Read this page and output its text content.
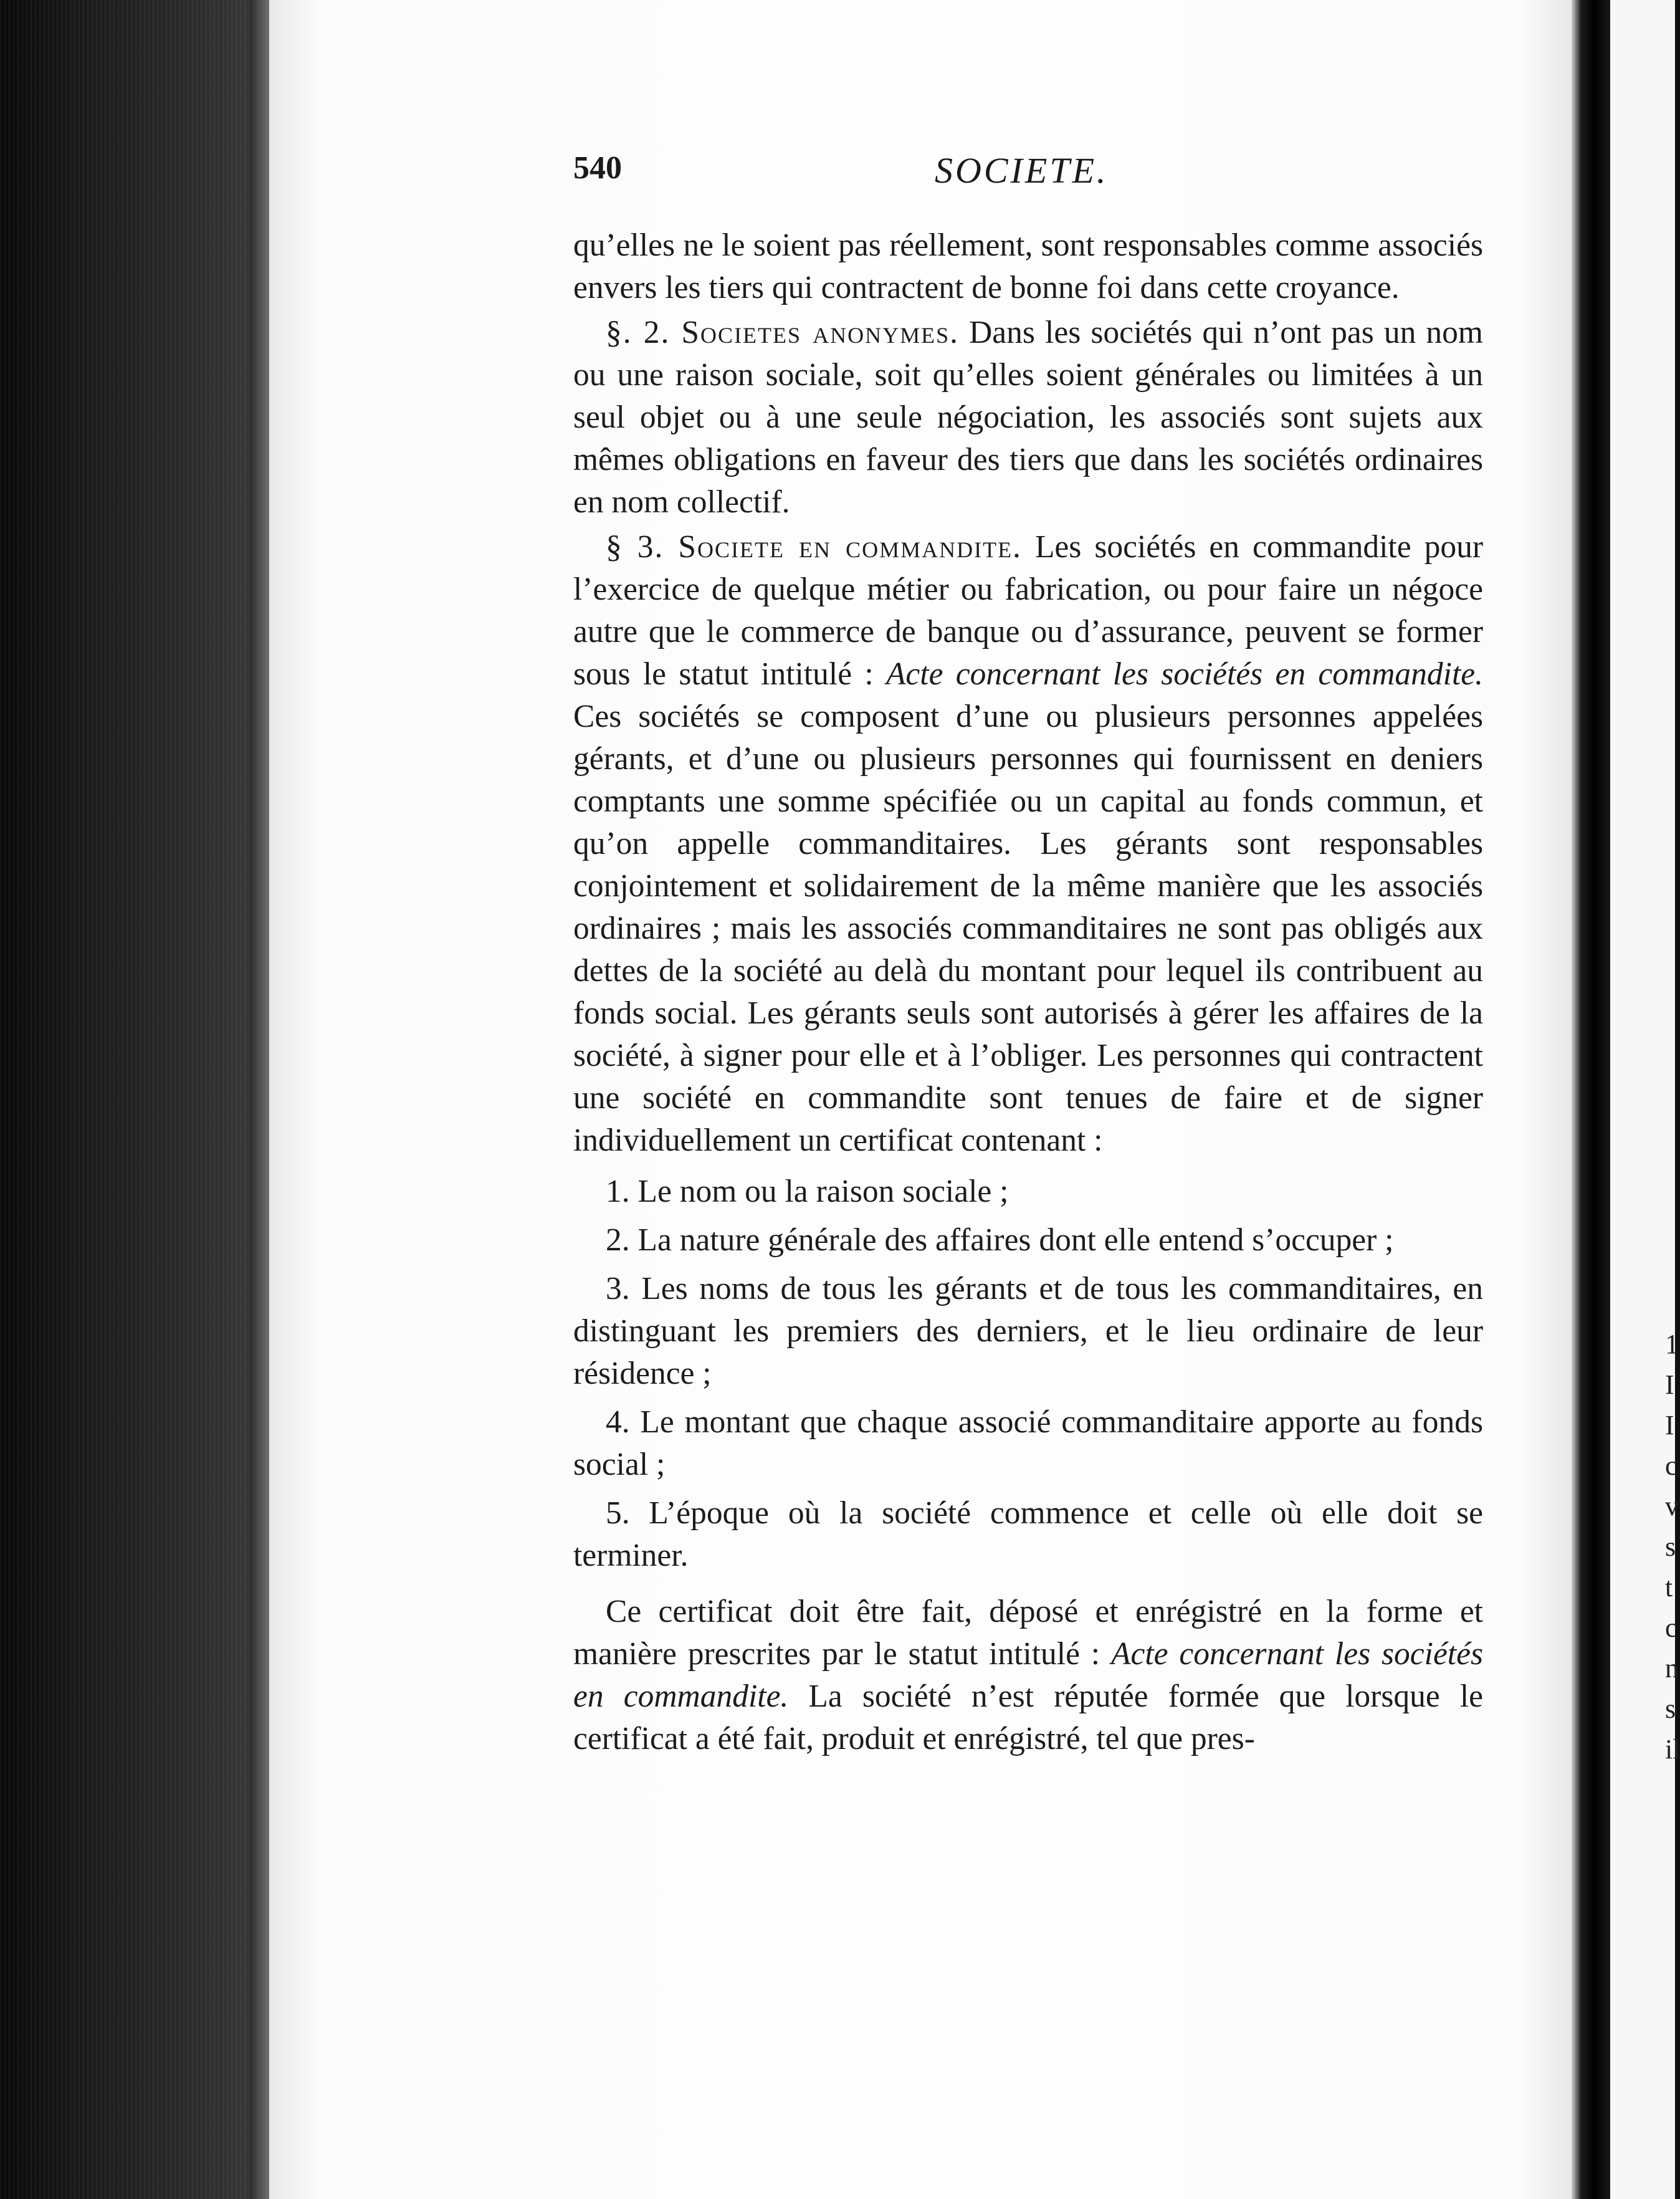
1
I
I
c
v
s
t
c
n
s
il
540	SOCIETE.

qu’elles ne le soient pas réellement, sont responsables comme associés envers les tiers qui contractent de bonne foi dans cette croyance.

§. 2. Societes anonymes. Dans les sociétés qui n’ont pas un nom ou une raison sociale, soit qu’elles soient générales ou limitées à un seul objet ou à une seule négociation, les associés sont sujets aux mêmes obligations en faveur des tiers que dans les sociétés ordinaires en nom collectif.

§ 3. Societe en commandite. Les sociétés en commandite pour l’exercice de quelque métier ou fabrication, ou pour faire un négoce autre que le commerce de banque ou d’assurance, peuvent se former sous le statut intitulé : Acte concernant les sociétés en commandite. Ces sociétés se composent d’une ou plusieurs personnes appelées gérants, et d’une ou plusieurs personnes qui fournissent en deniers comptants une somme spécifiée ou un capital au fonds commun, et qu’on appelle commanditaires. Les gérants sont responsables conjointement et solidairement de la même manière que les associés ordinaires ; mais les associés commanditaires ne sont pas obligés aux dettes de la société au delà du montant pour lequel ils contribuent au fonds social. Les gérants seuls sont autorisés à gérer les affaires de la société, à signer pour elle et à l’obliger. Les personnes qui contractent une société en commandite sont tenues de faire et de signer individuellement un certificat contenant :

1. Le nom ou la raison sociale ;

2. La nature générale des affaires dont elle entend s’occuper ;

3. Les noms de tous les gérants et de tous les commanditaires, en distinguant les premiers des derniers, et le lieu ordinaire de leur résidence ;

4. Le montant que chaque associé commanditaire apporte au fonds social ;

5. L’époque où la société commence et celle où elle doit se terminer.

Ce certificat doit être fait, déposé et enrégistré en la forme et manière prescrites par le statut intitulé : Acte concernant les sociétés en commandite. La société n’est réputée formée que lorsque le certificat a été fait, produit et enrégistré, tel que pres-
